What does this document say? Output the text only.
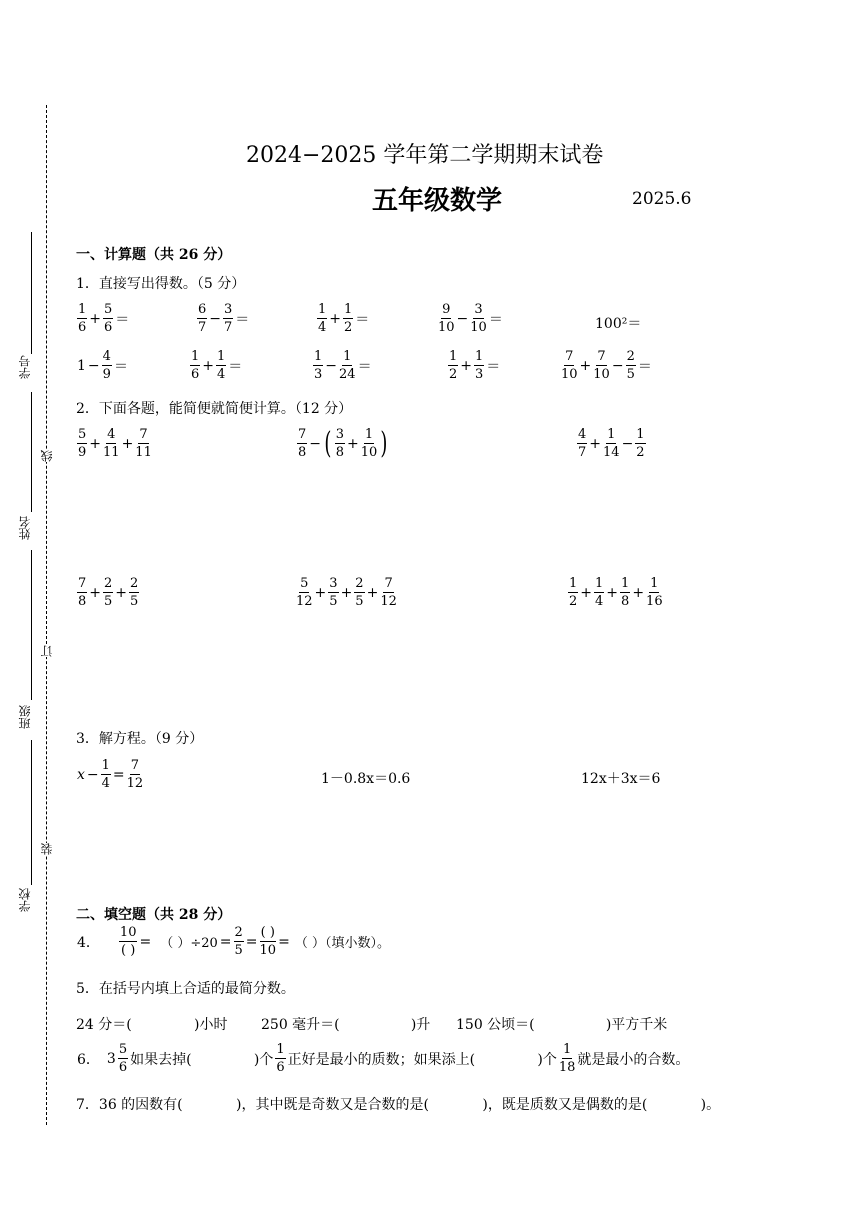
学号
姓名
班级
学校
线
订
装
2024−2025 学年第二学期期末试卷
五年级数学	2025.6
一、计算题（共 26 分）
1．直接写出得数。（5 分）
$\frac{1}{6} + \frac{5}{6}$ ＝	$\frac{6}{7} - \frac{3}{7}$ ＝	$\frac{1}{4} + \frac{1}{2}$ ＝	$\frac{9}{10} - \frac{3}{10}$ ＝	100²＝
$1 - \frac{4}{9}$ ＝	$\frac{1}{6} + \frac{1}{4}$ ＝	$\frac{1}{3} - \frac{1}{24}$ ＝	$\frac{1}{2} + \frac{1}{3}$ ＝	$\frac{7}{10} + \frac{7}{10} - \frac{2}{5}$ ＝
2．下面各题，能简便就简便计算。（12 分）
$\frac{5}{9} + \frac{4}{11} + \frac{7}{11}$	$\frac{7}{8}$ − ( $\frac{3}{8} + \frac{1}{10}$ )	$\frac{4}{7} + \frac{1}{14} - \frac{1}{2}$
$\frac{7}{8} + \frac{2}{5} + \frac{2}{5}$	$\frac{5}{12} + \frac{3}{5} + \frac{2}{5} + \frac{7}{12}$	$\frac{1}{2} + \frac{1}{4} + \frac{1}{8} + \frac{1}{16}$
3．解方程。（9 分）
$x - \frac{1}{4} = \frac{7}{12}$	1－0.8x＝0.6	12x＋3x＝6
二、填空题（共 28 分）
4． $\frac{10}{( )}$ = （ ）$\div 20 = \frac{2}{5} = \frac{( )}{10}$ = （ ）（填小数）。
5．在括号内填上合适的最简分数。
24 分＝(              )小时 250 毫升＝(                )升 150 公顷＝(                )平方千米
6． $3 \frac{5}{6}$ 如果去掉(              )个 $\frac{1}{6}$ 正好是最小的质数；如果添上(              )个 $\frac{1}{18}$ 就是最小的合数。
7．36 的因数有(            )，其中既是奇数又是合数的是(            )，既是质数又是偶数的是(            )。
